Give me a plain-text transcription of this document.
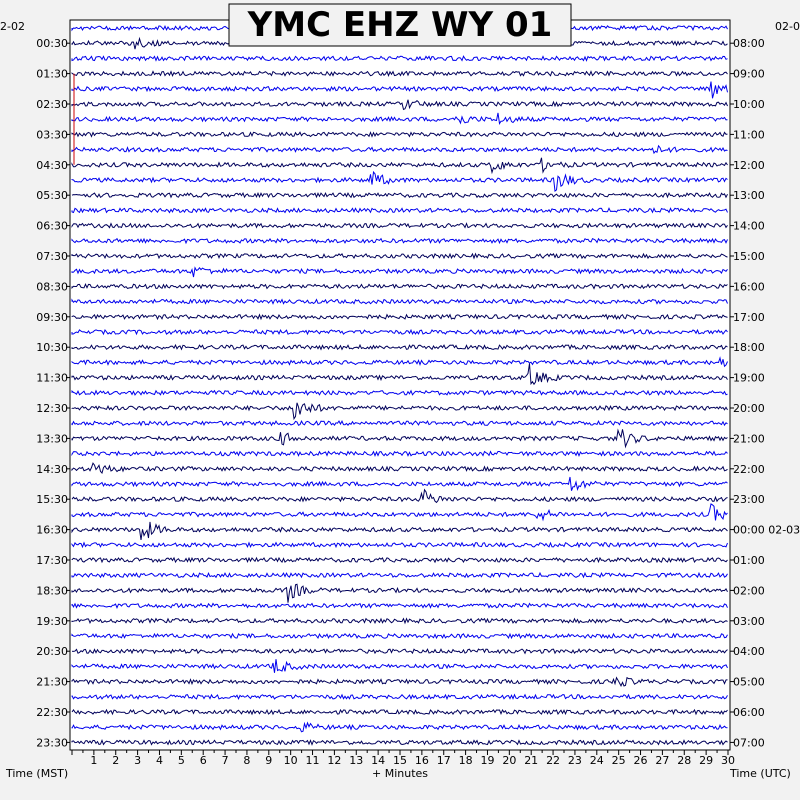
1 2 3 4 5 6 7 8 9 10 11 12 13 14 15 16 17 18 19 20 21 22 23 24 25 26 27 28 29 30
00:30
01:30
02:30
03:30
04:30
05:30
06:30
07:30
08:30
09:30
10:30
11:30
12:30
13:30
14:30
15:30
16:30
17:30
18:30
19:30
20:30
21:30
22:30
23:30
08:00
09:00
10:00
11:00
12:00
13:00
14:00
15:00
16:00
17:00
18:00
19:00
20:00
21:00
22:00
23:00
00:00 02-03
01:00
02:00
03:00
04:00
05:00
06:00
07:00
2-02	02-0
YMC EHZ WY 01
+ Minutes
Time (MST)	Time (UTC)
